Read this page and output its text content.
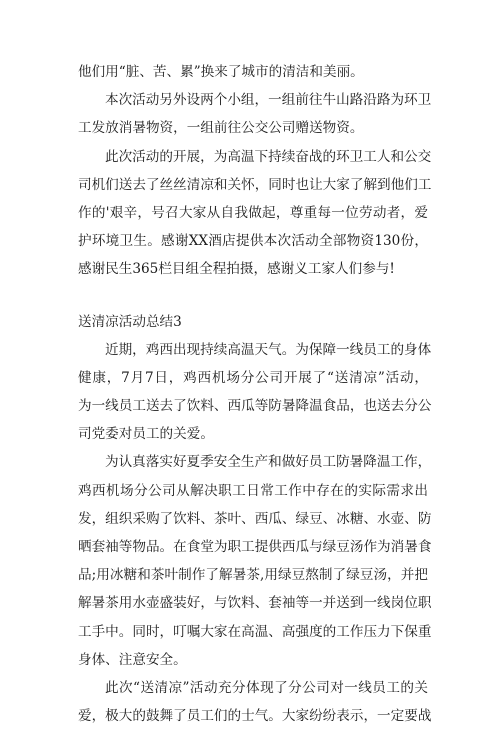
他们用“脏、苦、累”换来了城市的清洁和美丽。
本次活动另外设两个小组，一组前往牛山路沿路为环卫
工发放消暑物资，一组前往公交公司赠送物资。
此次活动的开展，为高温下持续奋战的环卫工人和公交
司机们送去了丝丝清凉和关怀，同时也让大家了解到他们工
作的'艰辛，号召大家从自我做起，尊重每一位劳动者，爱
护环境卫生。感谢XX酒店提供本次活动全部物资130份，
感谢民生365栏目组全程拍摄，感谢义工家人们参与!
送清凉活动总结3
近期，鸡西出现持续高温天气。为保障一线员工的身体
健康，7月7日，鸡西机场分公司开展了“送清凉”活动，
为一线员工送去了饮料、西瓜等防暑降温食品，也送去分公
司党委对员工的关爱。
为认真落实好夏季安全生产和做好员工防暑降温工作，
鸡西机场分公司从解决职工日常工作中存在的实际需求出
发，组织采购了饮料、茶叶、西瓜、绿豆、冰糖、水壶、防
晒套袖等物品。在食堂为职工提供西瓜与绿豆汤作为消暑食
品;用冰糖和茶叶制作了解暑茶,用绿豆熬制了绿豆汤，并把
解暑茶用水壶盛装好，与饮料、套袖等一并送到一线岗位职
工手中。同时，叮嘱大家在高温、高强度的工作压力下保重
身体、注意安全。
此次“送清凉”活动充分体现了分公司对一线员工的关
爱，极大的鼓舞了员工们的士气。大家纷纷表示，一定要战
